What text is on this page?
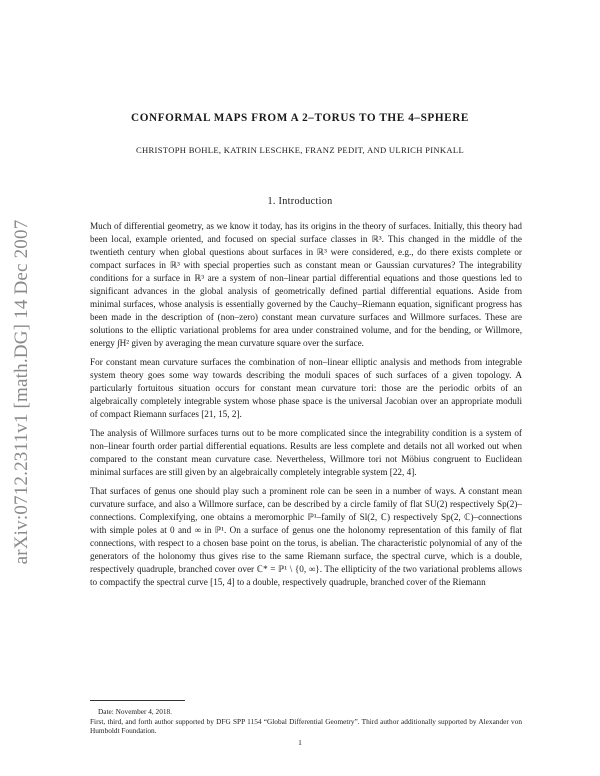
arXiv:0712.2311v1 [math.DG] 14 Dec 2007
CONFORMAL MAPS FROM A 2–TORUS TO THE 4–SPHERE
CHRISTOPH BOHLE, KATRIN LESCHKE, FRANZ PEDIT, AND ULRICH PINKALL
1. Introduction

Much of differential geometry, as we know it today, has its origins in the theory of surfaces. Initially, this theory had been local, example oriented, and focused on special surface classes in ℝ³. This changed in the middle of the twentieth century when global questions about surfaces in ℝ³ were considered, e.g., do there exists complete or compact surfaces in ℝ³ with special properties such as constant mean or Gaussian curvatures? The integrability conditions for a surface in ℝ³ are a system of non–linear partial differential equations and those questions led to significant advances in the global analysis of geometrically defined partial differential equations. Aside from minimal surfaces, whose analysis is essentially governed by the Cauchy–Riemann equation, significant progress has been made in the description of (non–zero) constant mean curvature surfaces and Willmore surfaces. These are solutions to the elliptic variational problems for area under constrained volume, and for the bending, or Willmore, energy ∫H² given by averaging the mean curvature square over the surface.

For constant mean curvature surfaces the combination of non–linear elliptic analysis and methods from integrable system theory goes some way towards describing the moduli spaces of such surfaces of a given topology. A particularly fortuitous situation occurs for constant mean curvature tori: those are the periodic orbits of an algebraically completely integrable system whose phase space is the universal Jacobian over an appropriate moduli of compact Riemann surfaces [21, 15, 2].

The analysis of Willmore surfaces turns out to be more complicated since the integrability condition is a system of non–linear fourth order partial differential equations. Results are less complete and details not all worked out when compared to the constant mean curvature case. Nevertheless, Willmore tori not Möbius congruent to Euclidean minimal surfaces are still given by an algebraically completely integrable system [22, 4].

That surfaces of genus one should play such a prominent role can be seen in a number of ways. A constant mean curvature surface, and also a Willmore surface, can be described by a circle family of flat SU(2) respectively Sp(2)–connections. Complexifying, one obtains a meromorphic ℙ¹–family of Sl(2, ℂ) respectively Sp(2, ℂ)–connections with simple poles at 0 and ∞ in ℙ¹. On a surface of genus one the holonomy representation of this family of flat connections, with respect to a chosen base point on the torus, is abelian. The characteristic polynomial of any of the generators of the holonomy thus gives rise to the same Riemann surface, the spectral curve, which is a double, respectively quadruple, branched cover over ℂ* = ℙ¹ \ {0, ∞}. The ellipticity of the two variational problems allows to compactify the spectral curve [15, 4] to a double, respectively quadruple, branched cover of the Riemann

Date: November 4, 2018.

First, third, and forth author supported by DFG SPP 1154 “Global Differential Geometry”. Third author additionally supported by Alexander von Humboldt Foundation.

1
